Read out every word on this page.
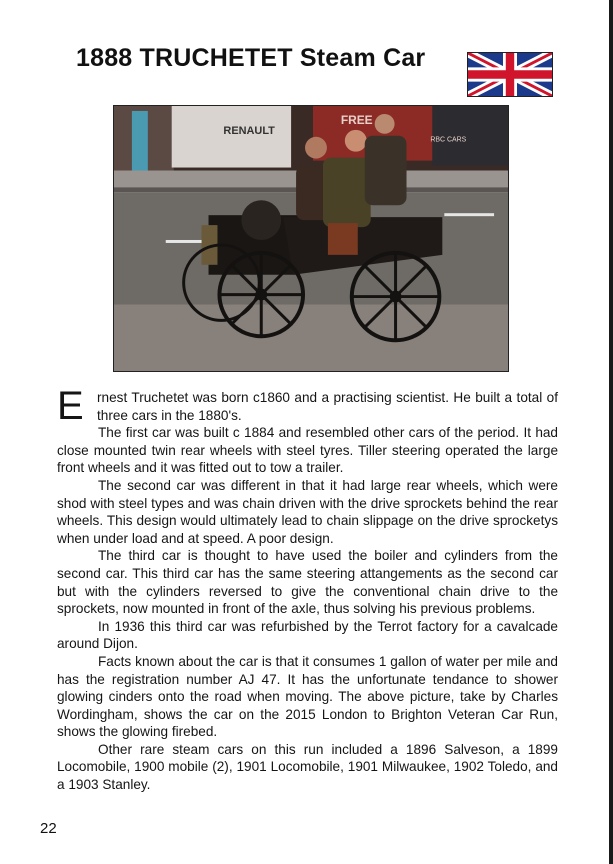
1888 TRUCHETET Steam Car
RENAULT
FREE
RBC CARS

E rnest Truchetet was born c1860 and a practising scientist. He built a total of three cars in the 1880's.

The first car was built c 1884 and resembled other cars of the period. It had close mounted twin rear wheels with steel tyres. Tiller steering operated the large front wheels and it was fitted out to tow a trailer.

The second car was different in that it had large rear wheels, which were shod with steel types and was chain driven with the drive sprockets behind the rear wheels. This design would ultimately lead to chain slippage on the drive sprocketys when under load and at speed. A poor design.

The third car is thought to have used the boiler and cylinders from the second car. This third car has the same steering attangements as the second car but with the cylinders reversed to give the conventional chain drive to the sprockets, now mounted in front of the axle, thus solving his previous problems.

In 1936 this third car was refurbished by the Terrot factory for a cavalcade around Dijon.

Facts known about the car is that it consumes 1 gallon of water per mile and has the registration number AJ 47. It has the unfortunate tendance to shower glowing cinders onto the road when moving. The above picture, take by Charles Wordingham, shows the car on the 2015 London to Brighton Veteran Car Run, shows the glowing firebed.

Other rare steam cars on this run included a 1896 Salveson, a 1899 Locomobile, 1900 mobile (2), 1901 Locomobile, 1901 Milwaukee, 1902 Toledo, and a 1903 Stanley.

22
